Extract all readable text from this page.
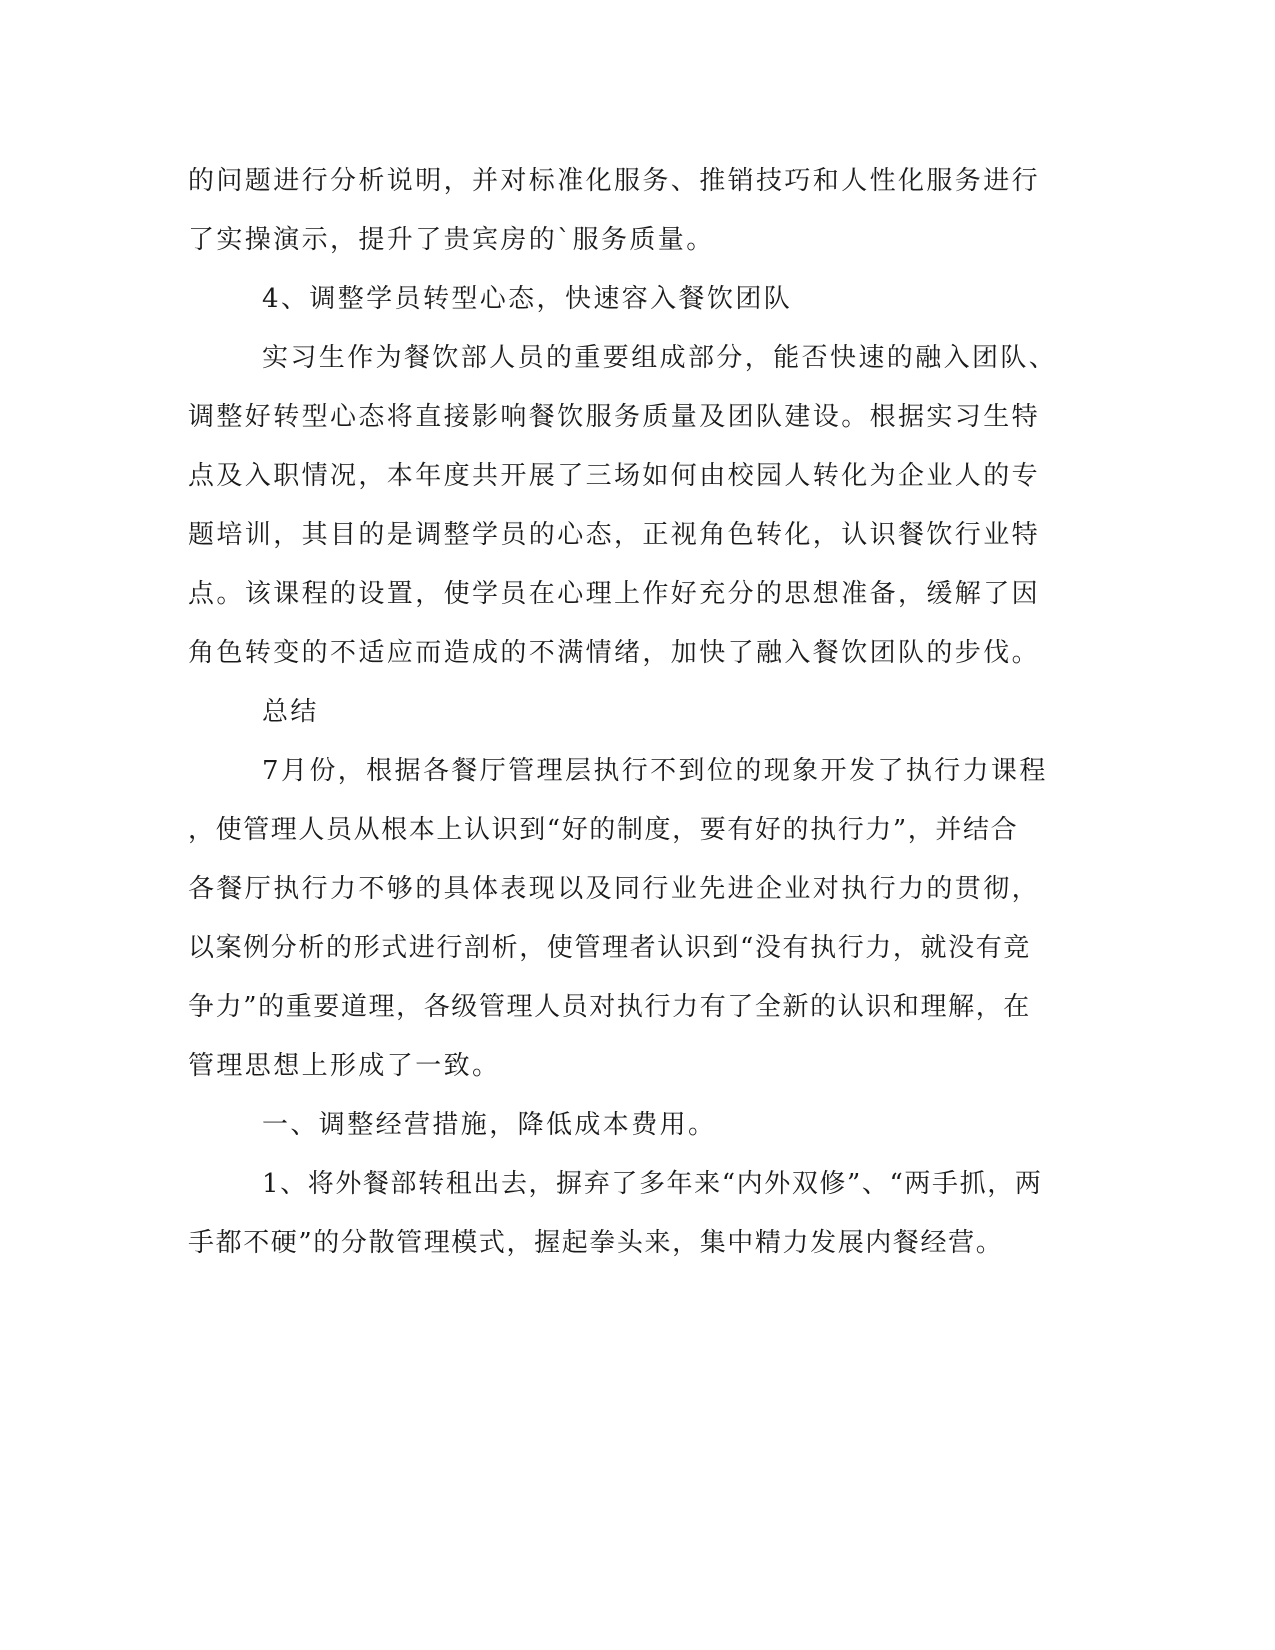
的问题进行分析说明，并对标准化服务、推销技巧和人性化服务进行

了实操演示，提升了贵宾房的`服务质量。

4、调整学员转型心态，快速容入餐饮团队

实习生作为餐饮部人员的重要组成部分，能否快速的融入团队、

调整好转型心态将直接影响餐饮服务质量及团队建设。根据实习生特

点及入职情况，本年度共开展了三场如何由校园人转化为企业人的专

题培训，其目的是调整学员的心态，正视角色转化，认识餐饮行业特

点。该课程的设置，使学员在心理上作好充分的思想准备，缓解了因

角色转变的不适应而造成的不满情绪，加快了融入餐饮团队的步伐。

总结

7月份，根据各餐厅管理层执行不到位的现象开发了执行力课程

，使管理人员从根本上认识到“好的制度，要有好的执行力”，并结合

各餐厅执行力不够的具体表现以及同行业先进企业对执行力的贯彻，

以案例分析的形式进行剖析，使管理者认识到“没有执行力，就没有竞

争力”的重要道理，各级管理人员对执行力有了全新的认识和理解，在

管理思想上形成了一致。

一、调整经营措施，降低成本费用。

1、将外餐部转租出去，摒弃了多年来“内外双修”、“两手抓，两

手都不硬”的分散管理模式，握起拳头来，集中精力发展内餐经营。
